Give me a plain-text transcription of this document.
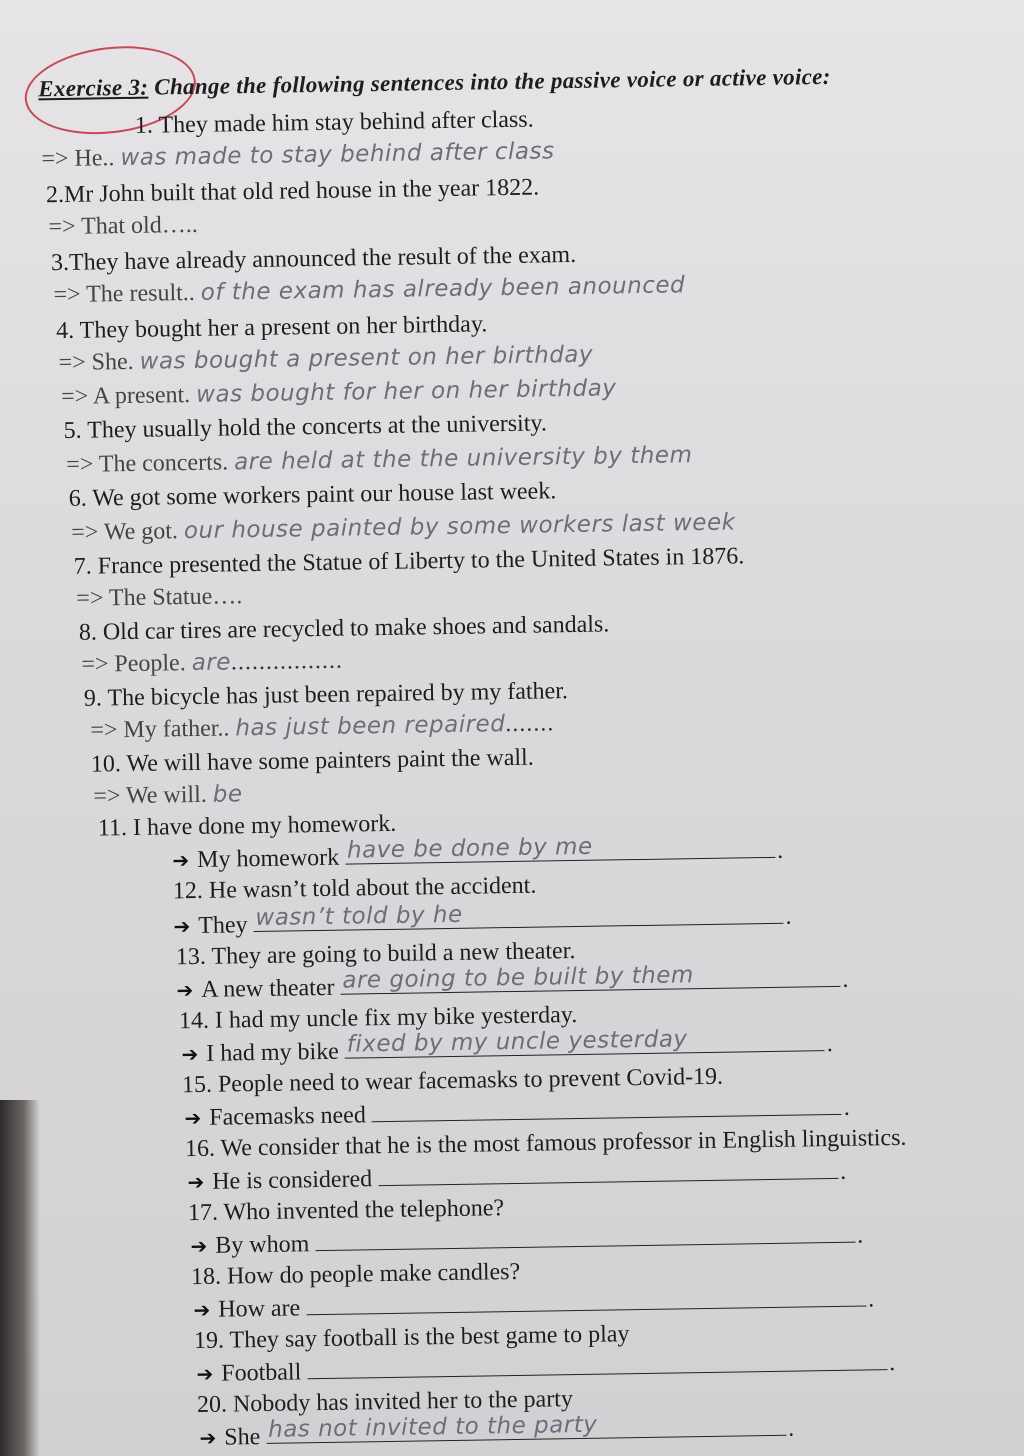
Exercise 3: Change the following sentences into the passive voice or active voice:
1. They made him stay behind after class.
=> He.. was made to stay behind after class
2.Mr John built that old red house in the year 1822.
=> That old…..
3.They have already announced the result of the exam.
=> The result.. of the exam has already been anounced
4. They bought her a present on her birthday.
=> She. was bought a present on her birthday
=> A present. was bought for her on her birthday
5. They usually hold the concerts at the university.
=> The concerts. are held at the the university by them
6. We got some workers paint our house last week.
=> We got. our house painted by some workers last week
7. France presented the Statue of Liberty to the United States in 1876.
=> The Statue….
8. Old car tires are recycled to make shoes and sandals.
=> People. are................
9. The bicycle has just been repaired by my father.
=> My father.. has just been repaired.......
10. We will have some painters paint the wall.
=> We will. be
11. I have done my homework.
➔ My homework have be done by me	.
12. He wasn’t told about the accident.
➔ They wasn’t told by he	.
13. They are going to build a new theater.
➔ A new theater are going to be built by them	.
14. I had my uncle fix my bike yesterday.
➔ I had my bike fixed by my uncle yesterday	.
15. People need to wear facemasks to prevent Covid-19.
➔ Facemasks need	.
16. We consider that he is the most famous professor in English linguistics.
➔ He is considered	.
17. Who invented the telephone?
➔ By whom	.
18. How do people make candles?
➔ How are	.
19. They say football is the best game to play
➔ Football	.
20. Nobody has invited her to the party
➔ She has not invited to the party	.
